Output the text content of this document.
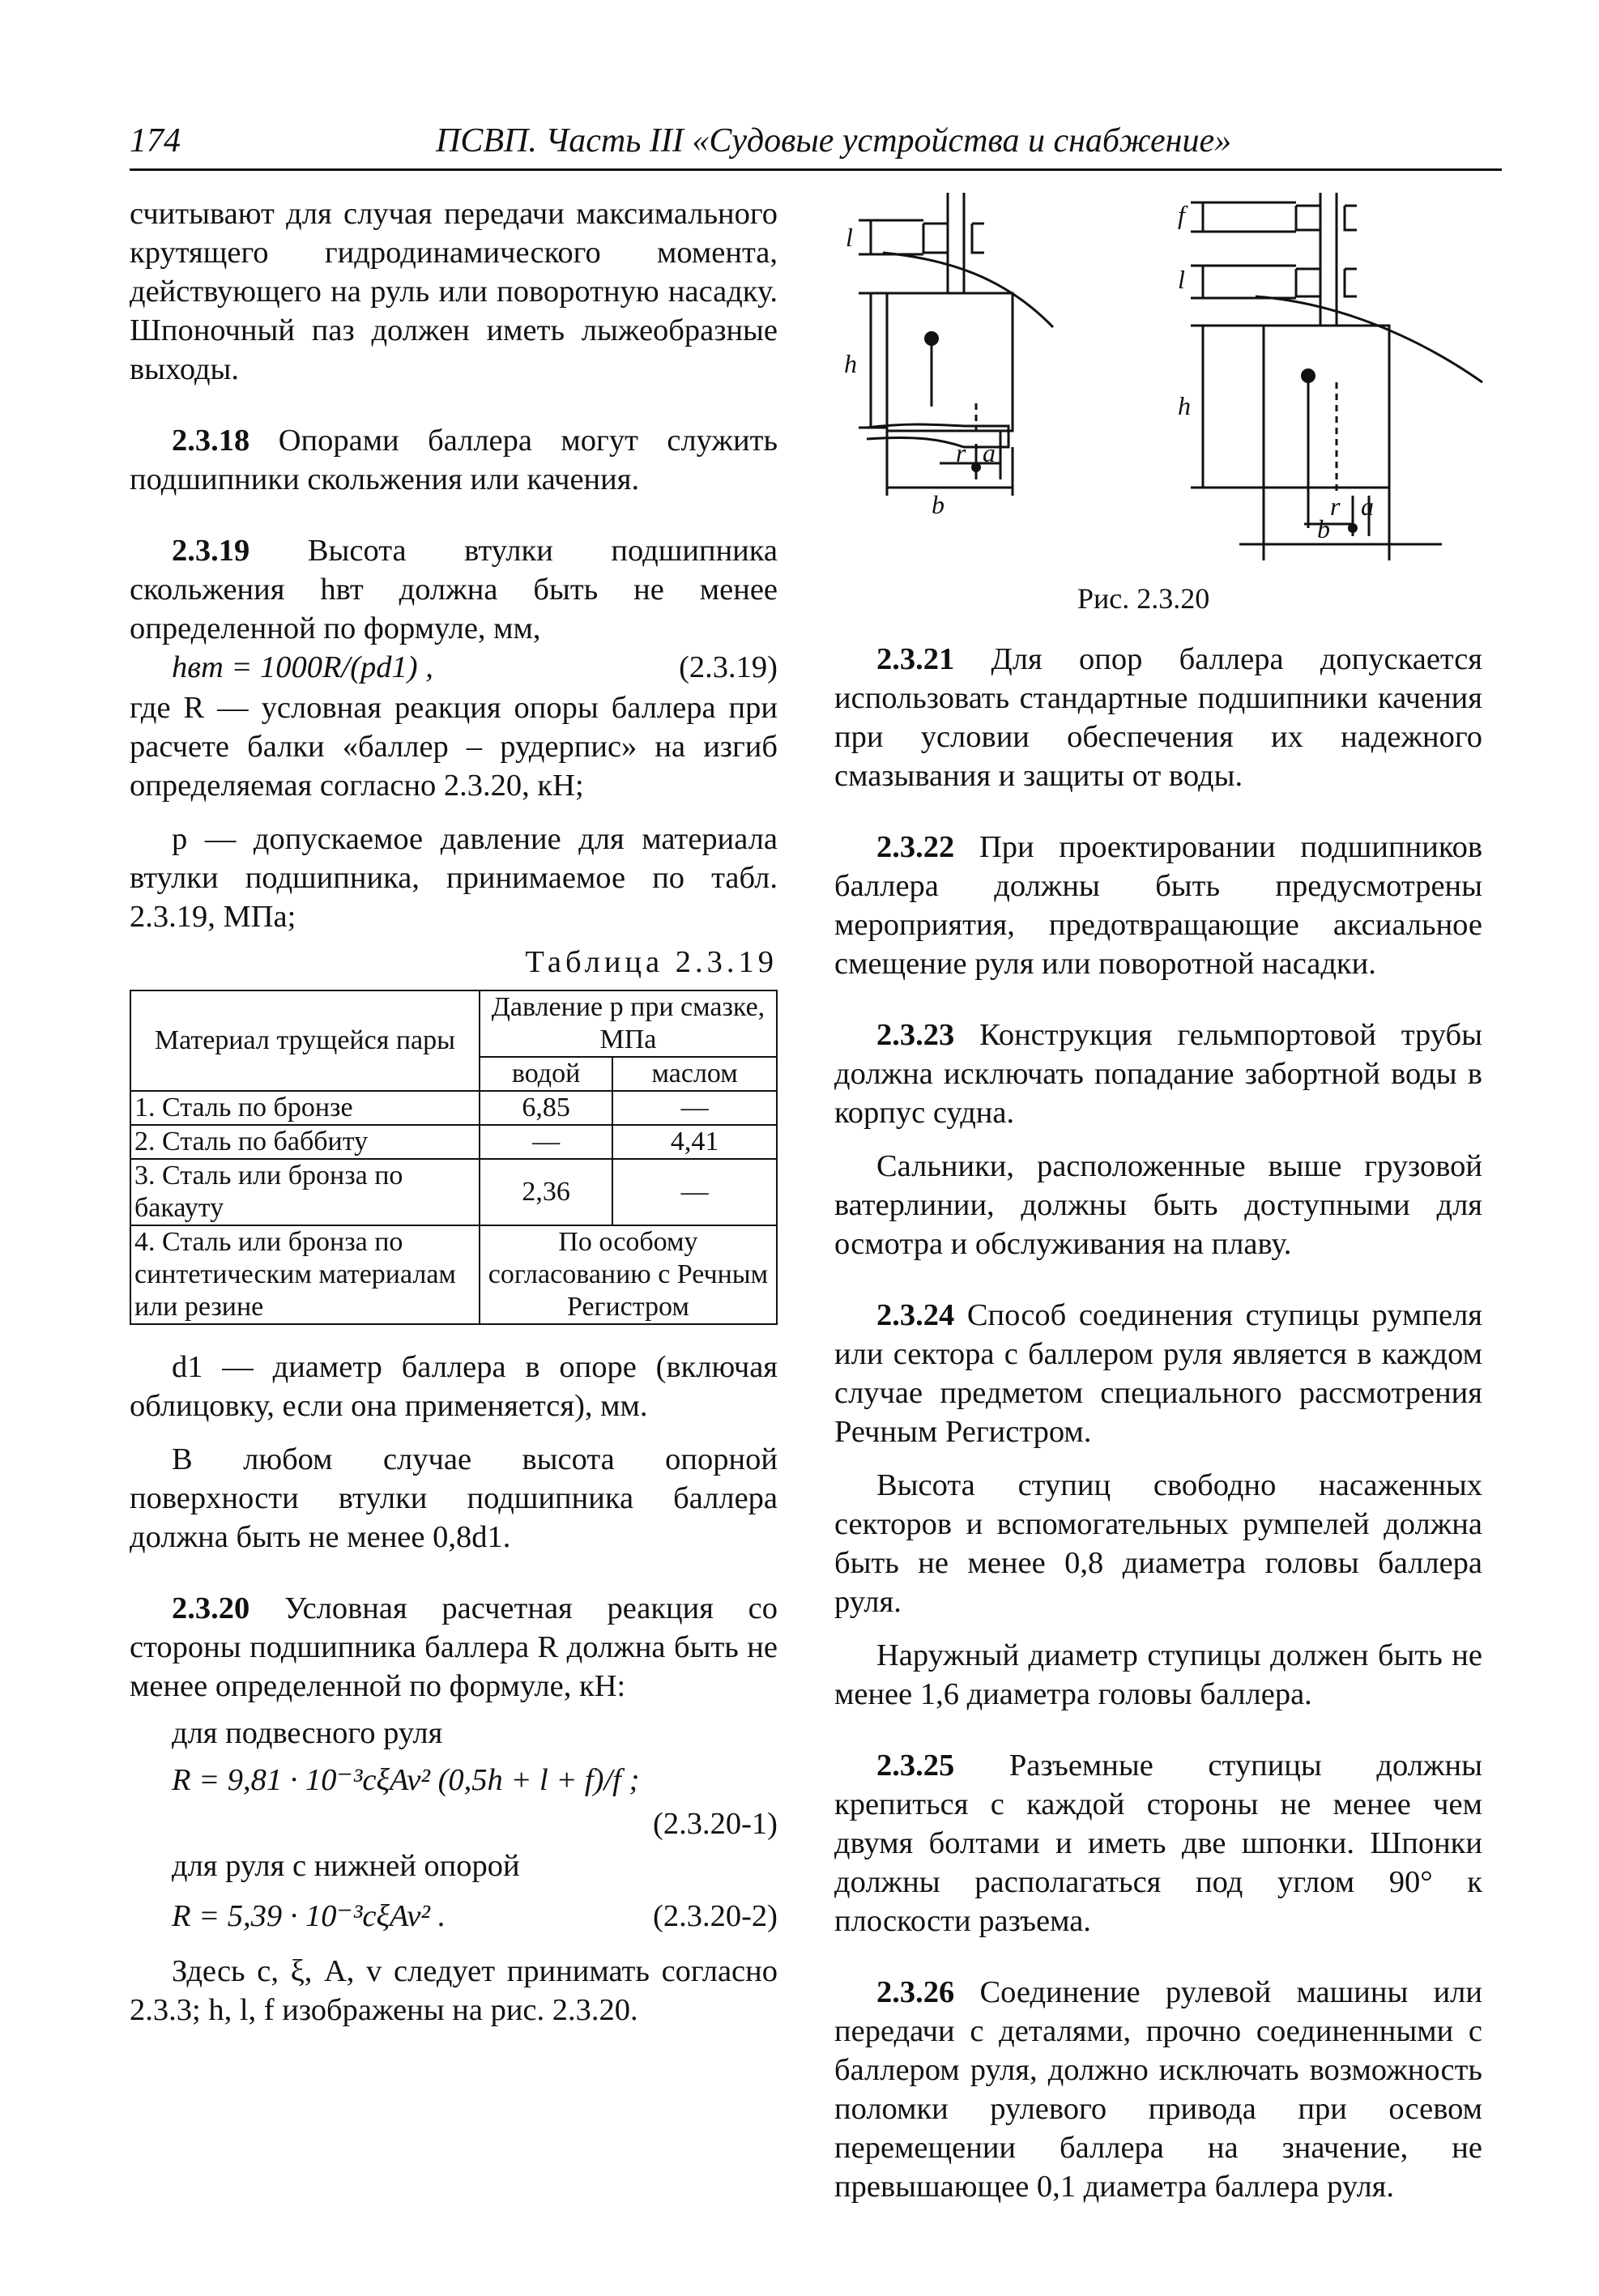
174	ПСВП. Часть III «Судовые устройства и снабжение»

считывают для случая передачи максимального крутящего гидродинамического момента, действующего на руль или поворотную насадку. Шпоночный паз должен иметь лыжеобразные выходы.

2.3.18 Опорами баллера могут служить подшипники скольжения или качения.

2.3.19 Высота втулки подшипника скольжения hвт должна быть не менее определенной по формуле, мм,

hвт = 1000R/(pd1) ,	(2.3.19)

где R — условная реакция опоры баллера при расчете балки «баллер – рудерпис» на изгиб определяемая согласно 2.3.20, кН;

p — допускаемое давление для материала втулки подшипника, принимаемое по табл. 2.3.19, МПа;

Таблица 2.3.19
Материал трущейся пары	Давление p при смазке, МПа	
	водой	маслом
1. Сталь по бронзе	6,85	—
2. Сталь по баббиту	—	4,41
3. Сталь или бронза по бакауту	2,36	—
4. Сталь или бронза по синтетическим материалам или резине	По особому согласованию с Речным Регистром	

d1 — диаметр баллера в опоре (включая облицовку, если она применяется), мм.

В любом случае высота опорной поверхности втулки подшипника баллера должна быть не менее 0,8d1.

2.3.20 Условная расчетная реакция со стороны подшипника баллера R должна быть не менее определенной по формуле, кН:

для подвесного руля

R = 9,81 · 10⁻³cξAv² (0,5h + l + f)/f ;
(2.3.20-1)

для руля с нижней опорой

R = 5,39 · 10⁻³cξAv² .	(2.3.20-2)

Здесь c, ξ, A, v следует принимать согласно 2.3.3; h, l, f изображены на рис. 2.3.20.

l
h
r a
b
f
l
h
r a
b
Рис. 2.3.20

2.3.21 Для опор баллера допускается использовать стандартные подшипники качения при условии обеспечения их надежного смазывания и защиты от воды.

2.3.22 При проектировании подшипников баллера должны быть предусмотрены мероприятия, предотвращающие аксиальное смещение руля или поворотной насадки.

2.3.23 Конструкция гельмпортовой трубы должна исключать попадание забортной воды в корпус судна.

Сальники, расположенные выше грузовой ватерлинии, должны быть доступными для осмотра и обслуживания на плаву.

2.3.24 Способ соединения ступицы румпеля или сектора с баллером руля является в каждом случае предметом специального рассмотрения Речным Регистром.

Высота ступиц свободно насаженных секторов и вспомогательных румпелей должна быть не менее 0,8 диаметра головы баллера руля.

Наружный диаметр ступицы должен быть не менее 1,6 диаметра головы баллера.

2.3.25 Разъемные ступицы должны крепиться с каждой стороны не менее чем двумя болтами и иметь две шпонки. Шпонки должны располагаться под углом 90° к плоскости разъема.

2.3.26 Соединение рулевой машины или передачи с деталями, прочно соединенными с баллером руля, должно исключать возможность поломки рулевого привода при осевом перемещении баллера на значение, не превышающее 0,1 диаметра баллера руля.
